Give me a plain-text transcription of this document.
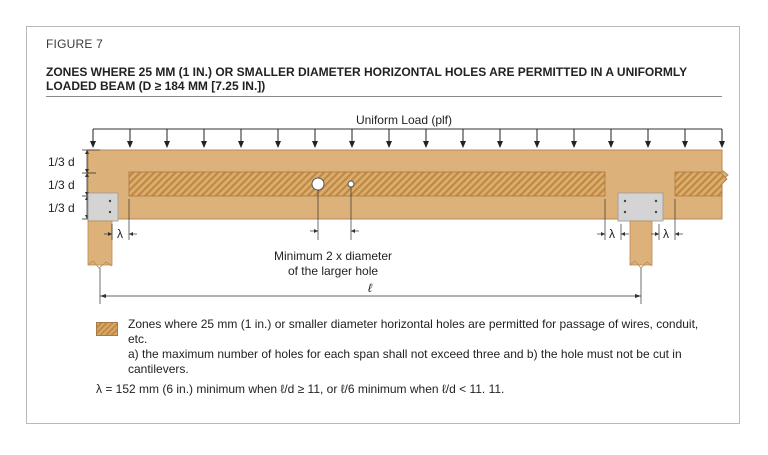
FIGURE 7
ZONES WHERE 25 MM (1 IN.) OR SMALLER DIAMETER HORIZONTAL HOLES ARE PERMITTED IN A UNIFORMLY LOADED BEAM (D ≥ 184 MM [7.25 IN.])
Uniform Load (plf)
1/3 d
1/3 d
1/3 d
λ	λ	λ
Minimum 2 x diameter
of the larger hole
ℓ
Zones where 25 mm (1 in.) or smaller diameter horizontal holes are permitted for passage of wires, conduit, etc.
a) the maximum number of holes for each span shall not exceed three and b) the hole must not be cut in cantilevers.
λ = 152 mm (6 in.) minimum when ℓ/d ≥ 11, or ℓ/6 minimum when ℓ/d < 11. 11.
